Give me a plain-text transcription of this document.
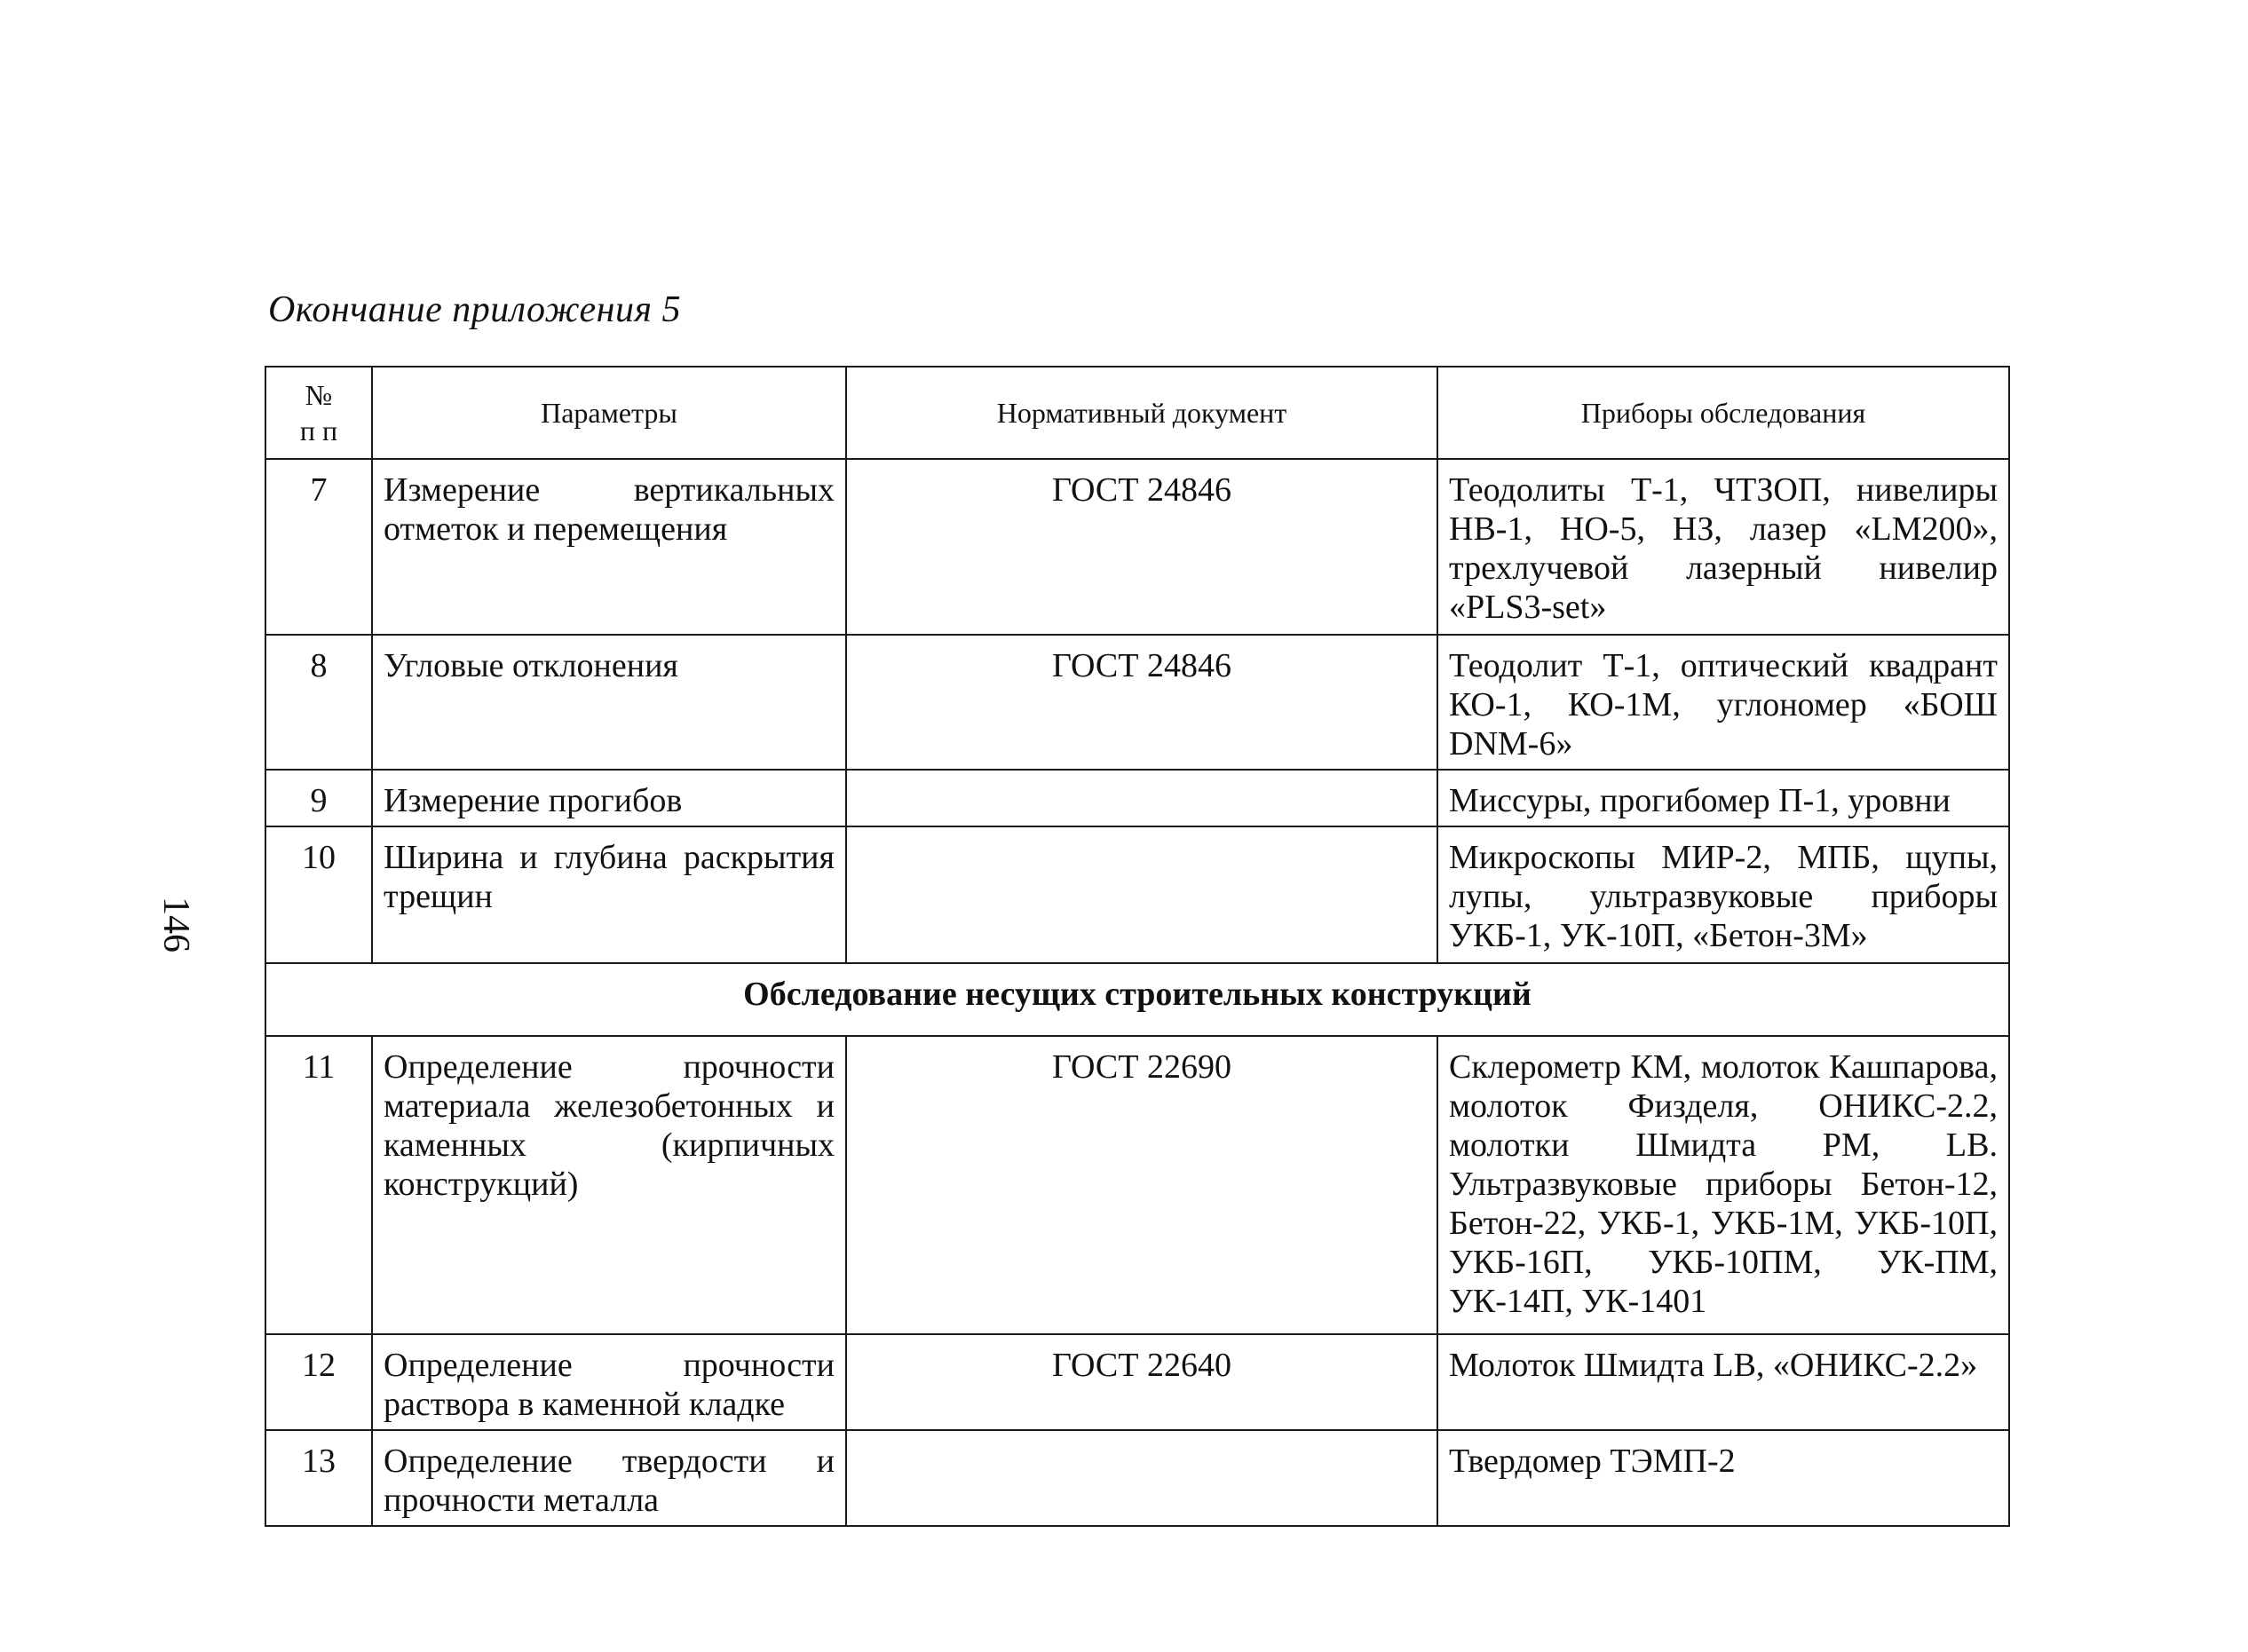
Окончание приложения 5
146
№
п п	Параметры	Нормативный документ	Приборы обследования
7	Измерение вертикальных отметок и перемещения	ГОСТ 24846	Теодолиты Т-1, ЧТЗОП, нивелиры НВ-1, НО-5, НЗ, лазер «LM200», трехлучевой лазерный нивелир «PLS3-set»
8	Угловые отклонения	ГОСТ 24846	Теодолит Т-1, оптический квадрант КО-1, КО-1М, углономер «БОШ DNM-6»
9	Измерение прогибов		Миссуры, прогибомер П-1, уровни
10	Ширина и глубина раскрытия трещин		Микроскопы МИР-2, МПБ, щупы, лупы, ультразвуковые приборы УКБ-1, УК-10П, «Бетон-3М»
Обследование несущих строительных конструкций			
11	Определение прочности материала железобетонных и каменных (кирпичных конструкций)	ГОСТ 22690	Склерометр КМ, молоток Кашпарова, молоток Физделя, ОНИКС-2.2, молотки Шмидта PM, LB. Ультразвуковые приборы Бетон-12, Бетон-22, УКБ-1, УКБ-1М, УКБ-10П, УКБ-16П, УКБ-10ПМ, УК-ПМ, УК-14П, УК-1401
12	Определение прочности раствора в каменной кладке	ГОСТ 22640	Молоток Шмидта LB, «ОНИКС-2.2»
13	Определение твердости и прочности металла		Твердомер ТЭМП-2
